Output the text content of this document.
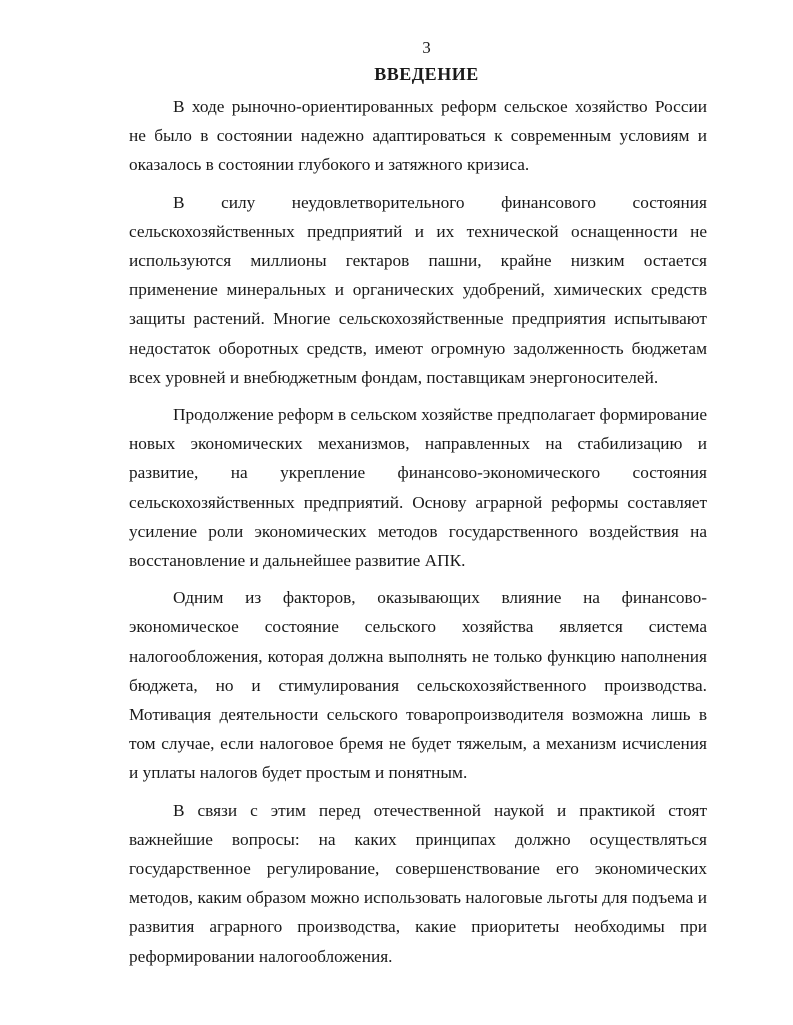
3
ВВЕДЕНИЕ

В ходе рыночно-ориентированных реформ сельское хозяйство России не было в состоянии надежно адаптироваться к современным условиям и оказалось в состоянии глубокого и затяжного кризиса.

В силу неудовлетворительного финансового состояния сельскохозяйственных предприятий и их технической оснащенности не используются миллионы гектаров пашни, крайне низким остается применение минеральных и органических удобрений, химических средств защиты растений. Многие сельскохозяйственные предприятия испытывают недостаток оборотных средств, имеют огромную задолженность бюджетам всех уровней и внебюджетным фондам, поставщикам энергоносителей.

Продолжение реформ в сельском хозяйстве предполагает формирование новых экономических механизмов, направленных на стабилизацию и развитие, на укрепление финансово-экономического состояния сельскохозяйственных предприятий. Основу аграрной реформы составляет усиление роли экономических методов государственного воздействия на восстановление и дальнейшее развитие АПК.

Одним из факторов, оказывающих влияние на финансово-экономическое состояние сельского хозяйства является система налогообложения, которая должна выполнять не только функцию наполнения бюджета, но и стимулирования сельскохозяйственного производства. Мотивация деятельности сельского товаропроизводителя возможна лишь в том случае, если налоговое бремя не будет тяжелым, а механизм исчисления и уплаты налогов будет простым и понятным.

В связи с этим перед отечественной наукой и практикой стоят важнейшие вопросы: на каких принципах должно осуществляться государственное регулирование, совершенствование его экономических методов, каким образом можно использовать налоговые льготы для подъема и развития аграрного производства, какие приоритеты необходимы при реформировании налогообложения.
